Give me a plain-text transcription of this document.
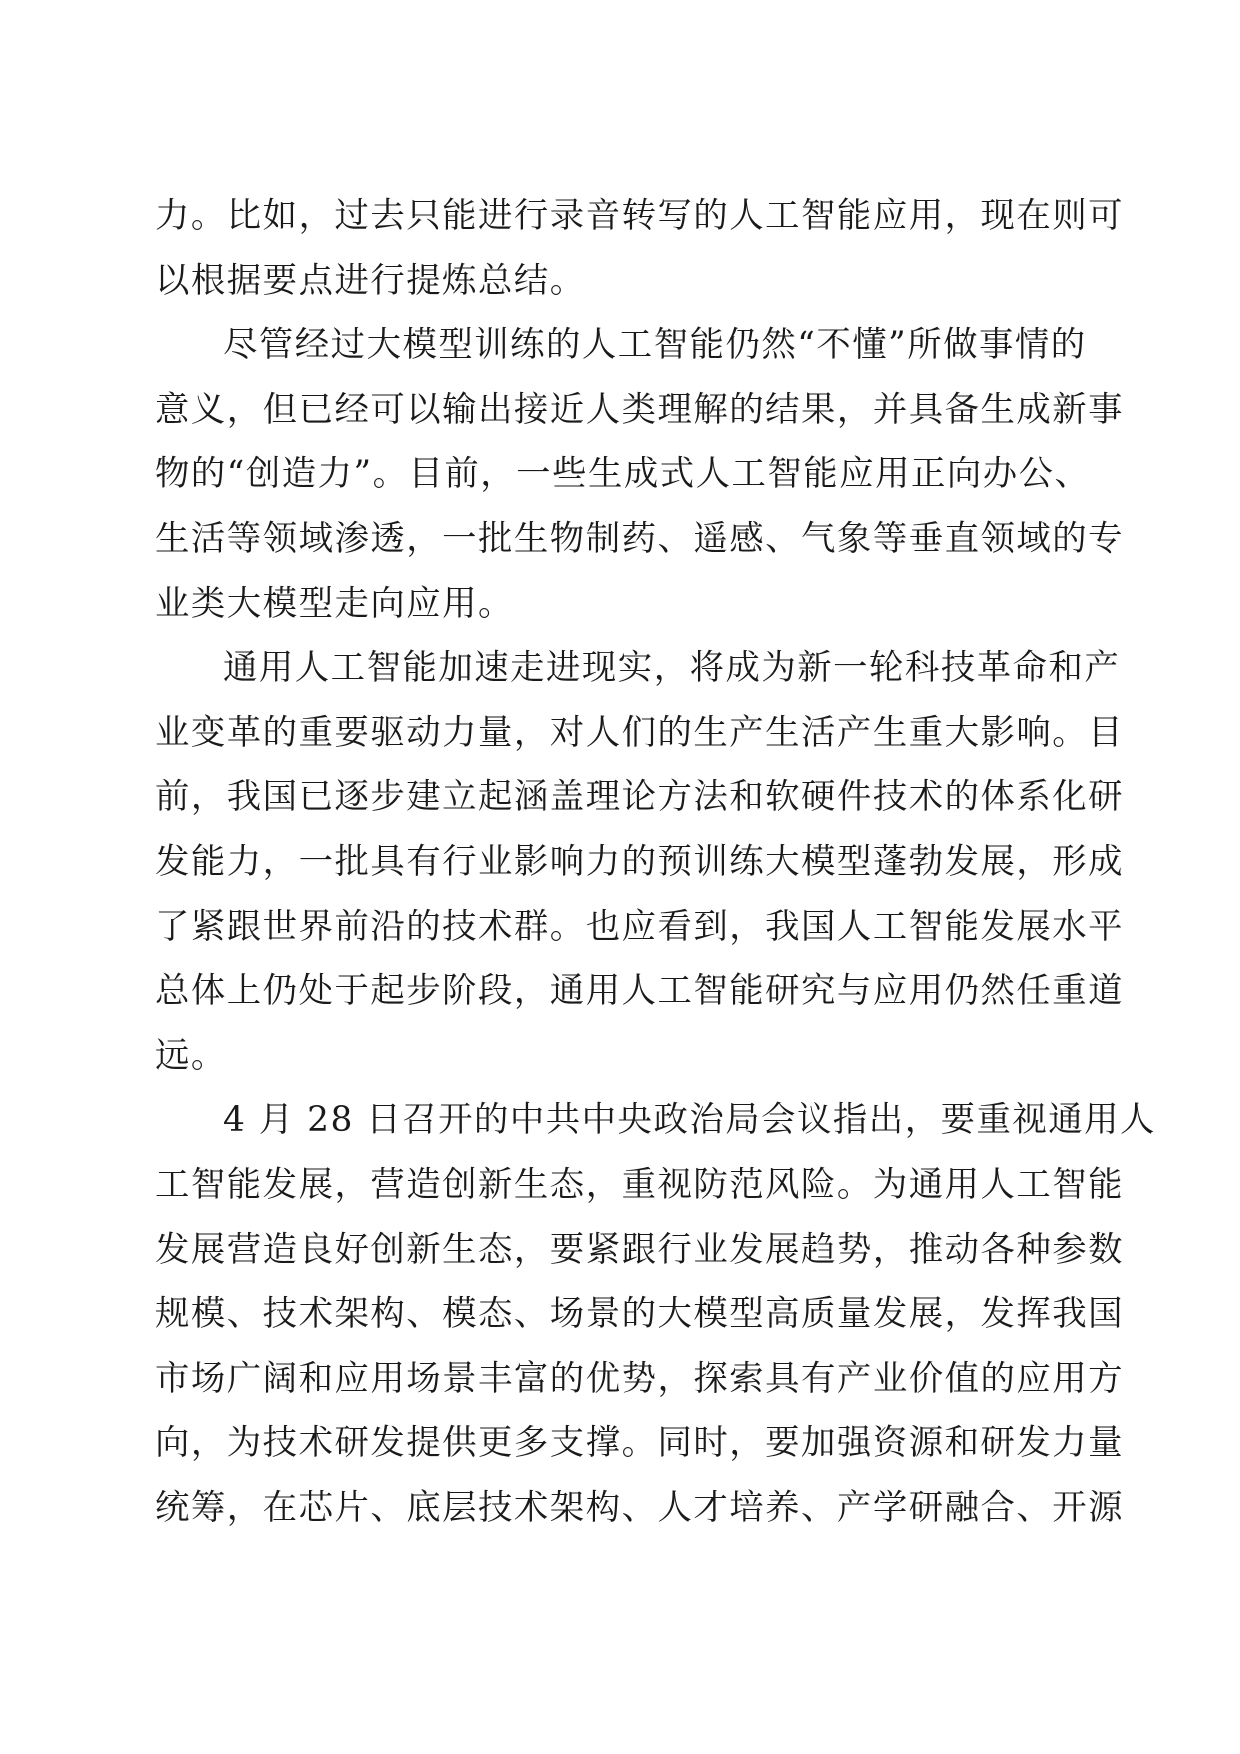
力。比如，过去只能进行录音转写的人工智能应用，现在则可
以根据要点进行提炼总结。
尽管经过大模型训练的人工智能仍然“不懂”所做事情的
意义，但已经可以输出接近人类理解的结果，并具备生成新事
物的“创造力”。目前，一些生成式人工智能应用正向办公、
生活等领域渗透，一批生物制药、遥感、气象等垂直领域的专
业类大模型走向应用。
通用人工智能加速走进现实，将成为新一轮科技革命和产
业变革的重要驱动力量，对人们的生产生活产生重大影响。目
前，我国已逐步建立起涵盖理论方法和软硬件技术的体系化研
发能力，一批具有行业影响力的预训练大模型蓬勃发展，形成
了紧跟世界前沿的技术群。也应看到，我国人工智能发展水平
总体上仍处于起步阶段，通用人工智能研究与应用仍然任重道
远。
4 月 28 日召开的中共中央政治局会议指出，要重视通用人
工智能发展，营造创新生态，重视防范风险。为通用人工智能
发展营造良好创新生态，要紧跟行业发展趋势，推动各种参数
规模、技术架构、模态、场景的大模型高质量发展，发挥我国
市场广阔和应用场景丰富的优势，探索具有产业价值的应用方
向，为技术研发提供更多支撑。同时，要加强资源和研发力量
统筹，在芯片、底层技术架构、人才培养、产学研融合、开源
